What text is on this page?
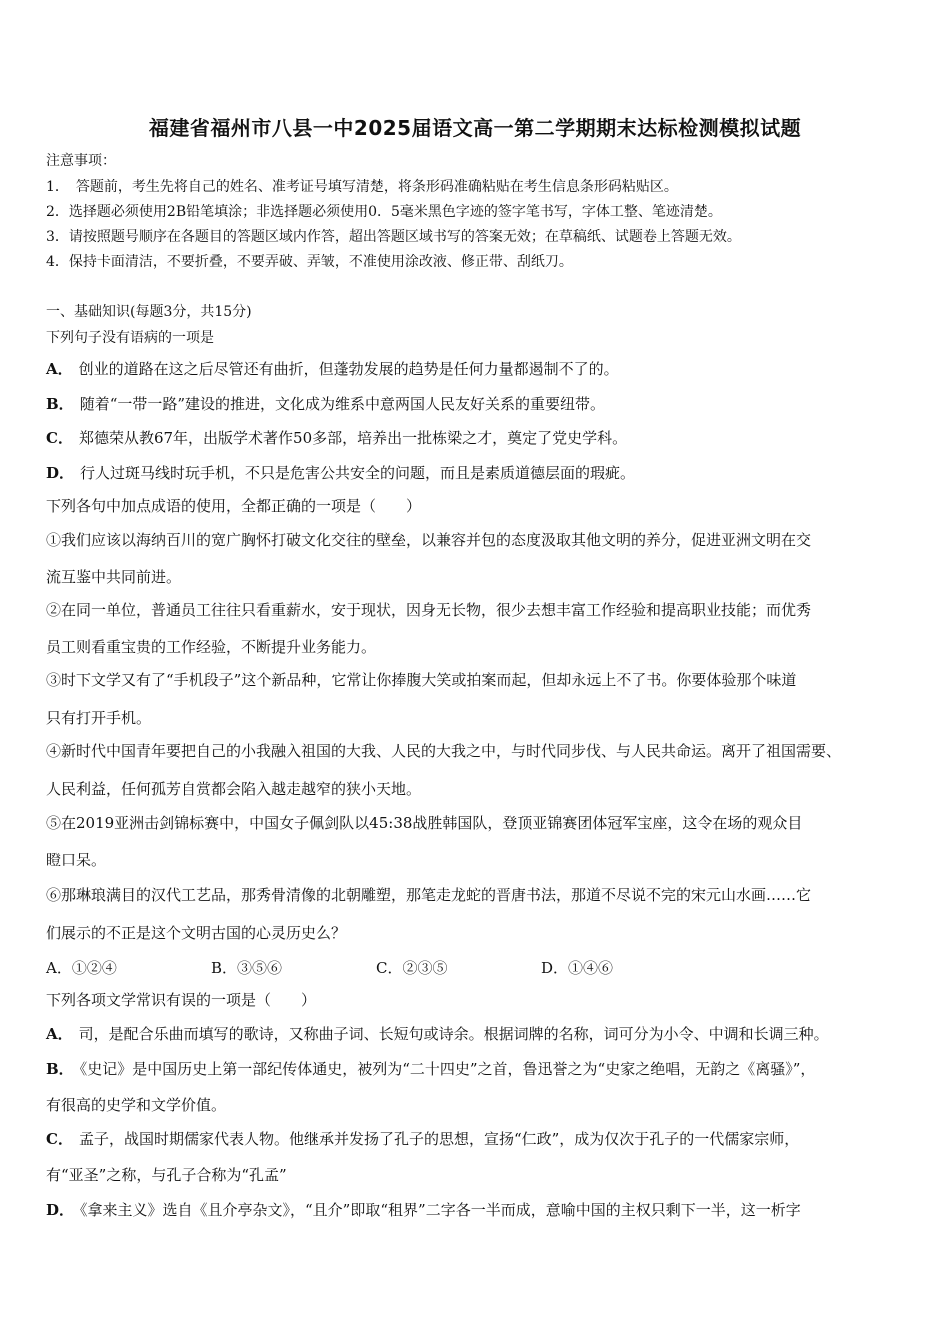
福建省福州市八县一中2025届语文高一第二学期期末达标检测模拟试题
注意事项：
1．　答题前，考生先将自己的姓名、准考证号填写清楚，将条形码准确粘贴在考生信息条形码粘贴区。
2．选择题必须使用2B铅笔填涂；非选择题必须使用0．5毫米黑色字迹的签字笔书写，字体工整、笔迹清楚。
3．请按照题号顺序在各题目的答题区域内作答，超出答题区域书写的答案无效；在草稿纸、试题卷上答题无效。
4．保持卡面清洁，不要折叠，不要弄破、弄皱，不准使用涂改液、修正带、刮纸刀。
一、基础知识(每题3分，共15分)
下列句子没有语病的一项是
A． 创业的道路在这之后尽管还有曲折，但蓬勃发展的趋势是任何力量都遏制不了的。
B． 随着“一带一路”建设的推进，文化成为维系中意两国人民友好关系的重要纽带。
C． 郑德荣从教67年，出版学术著作50多部，培养出一批栋梁之才，奠定了党史学科。
D． 行人过斑马线时玩手机，不只是危害公共安全的问题，而且是素质道德层面的瑕疵。
下列各句中加点成语的使用，全都正确的一项是（　　）
①我们应该以海纳百川的宽广胸怀打破文化交往的壁垒，以兼容并包的态度汲取其他文明的养分，促进亚洲文明在交
流互鉴中共同前进。
②在同一单位，普通员工往往只看重薪水，安于现状，因身无长物，很少去想丰富工作经验和提高职业技能；而优秀
员工则看重宝贵的工作经验，不断提升业务能力。
③时下文学又有了“手机段子”这个新品种，它常让你捧腹大笑或拍案而起，但却永远上不了书。你要体验那个味道
只有打开手机。
④新时代中国青年要把自己的小我融入祖国的大我、人民的大我之中，与时代同步伐、与人民共命运。离开了祖国需要、
人民利益，任何孤芳自赏都会陷入越走越窄的狭小天地。
⑤在2019亚洲击剑锦标赛中，中国女子佩剑队以45:38战胜韩国队，登顶亚锦赛团体冠军宝座，这令在场的观众目
瞪口呆。
⑥那琳琅满目的汉代工艺品，那秀骨清像的北朝雕塑，那笔走龙蛇的晋唐书法，那道不尽说不完的宋元山水画……它
们展示的不正是这个文明古国的心灵历史么？
A．①②④	B．③⑤⑥	C．②③⑤	D．①④⑥
下列各项文学常识有误的一项是（　　）
A． 司，是配合乐曲而填写的歌诗，又称曲子词、长短句或诗余。根据词牌的名称，词可分为小令、中调和长调三种。
B． 《史记》是中国历史上第一部纪传体通史，被列为“二十四史”之首，鲁迅誉之为“史家之绝唱，无韵之《离骚》”，
有很高的史学和文学价值。
C． 孟子，战国时期儒家代表人物。他继承并发扬了孔子的思想，宣扬“仁政”，成为仅次于孔子的一代儒家宗师，
有“亚圣”之称，与孔子合称为“孔孟”
D． 《拿来主义》选自《且介亭杂文》，“且介”即取“租界”二字各一半而成，意喻中国的主权只剩下一半，这一析字
